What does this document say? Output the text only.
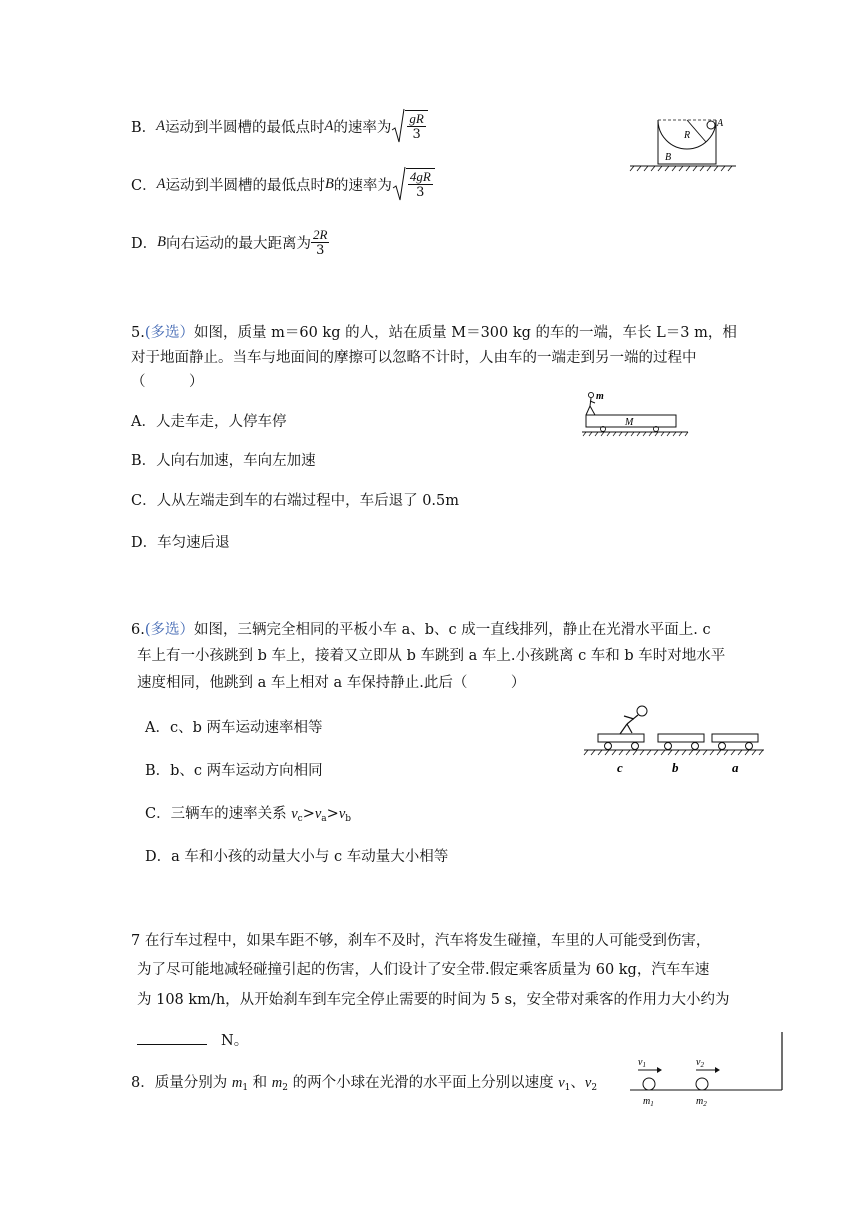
B． A 运动到半圆槽的最低点时 A 的速率为 $\frac{gR}{3}$
C． A 运动到半圆槽的最低点时 B 的速率为 $\frac{4gR}{3}$
D． B 向右运动的最大距离为 $\frac{2R}{3}$
A
R
B
5.(多选）如图，质量 m＝60 kg 的人，站在质量 M＝300 kg 的车的一端，车长 L＝3 m，相
对于地面静止。当车与地面间的摩擦可以忽略不计时，人由车的一端走到另一端的过程中
（　　　）
A．人走车走，人停车停
B．人向右加速，车向左加速
C．人从左端走到车的右端过程中，车后退了 0.5m
D．车匀速后退
m
M
6.(多选）如图，三辆完全相同的平板小车 a、b、c 成一直线排列，静止在光滑水平面上. c
车上有一小孩跳到 b 车上，接着又立即从 b 车跳到 a 车上.小孩跳离 c 车和 b 车时对地水平
速度相同，他跳到 a 车上相对 a 车保持静止.此后（　　　）
A．c、b 两车运动速率相等
B．b、c 两车运动方向相同
C．三辆车的速率关系 $v_c>v_a>v_b$
D．a 车和小孩的动量大小与 c 车动量大小相等
c	b	a
7 在行车过程中，如果车距不够，刹车不及时，汽车将发生碰撞，车里的人可能受到伤害，
为了尽可能地减轻碰撞引起的伤害，人们设计了安全带.假定乘客质量为 60 kg，汽车车速
为 108 km/h，从开始刹车到车完全停止需要的时间为 5 s，安全带对乘客的作用力大小约为
N。
8．质量分别为 $m_1$ 和 $m_2$ 的两个小球在光滑的水平面上分别以速度 $v_1$、$v_2$
$v_1$	$v_2$
$m_1$	$m_2$
